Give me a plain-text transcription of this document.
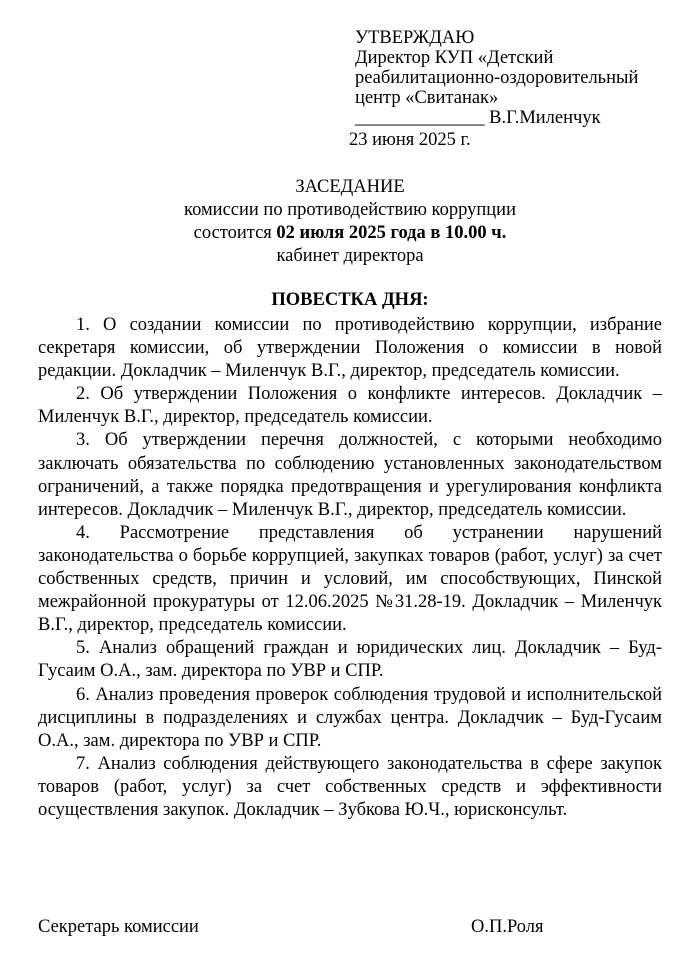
УТВЕРЖДАЮ
Директор КУП «Детский
реабилитационно-оздоровительный
центр «Свитанак»
______________ В.Г.Миленчук
23 июня 2025 г.
ЗАСЕДАНИЕ
комиссии по противодействию коррупции
состоится 02 июля 2025 года в 10.00 ч.
кабинет директора
ПОВЕСТКА ДНЯ:

1. О создании комиссии по противодействию коррупции, избрание секретаря комиссии, об утверждении Положения о комиссии в новой редакции. Докладчик – Миленчук В.Г., директор, председатель комиссии.

2. Об утверждении Положения о конфликте интересов. Докладчик – Миленчук В.Г., директор, председатель комиссии.

3. Об утверждении перечня должностей, с которыми необходимо заключать обязательства по соблюдению установленных законодательством ограничений, а также порядка предотвращения и урегулирования конфликта интересов. Докладчик – Миленчук В.Г., директор, председатель комиссии.

4. Рассмотрение представления об устранении нарушений законодательства о борьбе коррупцией, закупках товаров (работ, услуг) за счет собственных средств, причин и условий, им способствующих, Пинской межрайонной прокуратуры от 12.06.2025 №31.28-19. Докладчик – Миленчук В.Г., директор, председатель комиссии.

5. Анализ обращений граждан и юридических лиц. Докладчик – Буд-Гусаим О.А., зам. директора по УВР и СПР.

6. Анализ проведения проверок соблюдения трудовой и исполнительской дисциплины в подразделениях и службах центра. Докладчик – Буд-Гусаим О.А., зам. директора по УВР и СПР.

7. Анализ соблюдения действующего законодательства в сфере закупок товаров (работ, услуг) за счет собственных средств и эффективности осуществления закупок. Докладчик – Зубкова Ю.Ч., юрисконсульт.

Секретарь комиссии	О.П.Роля
